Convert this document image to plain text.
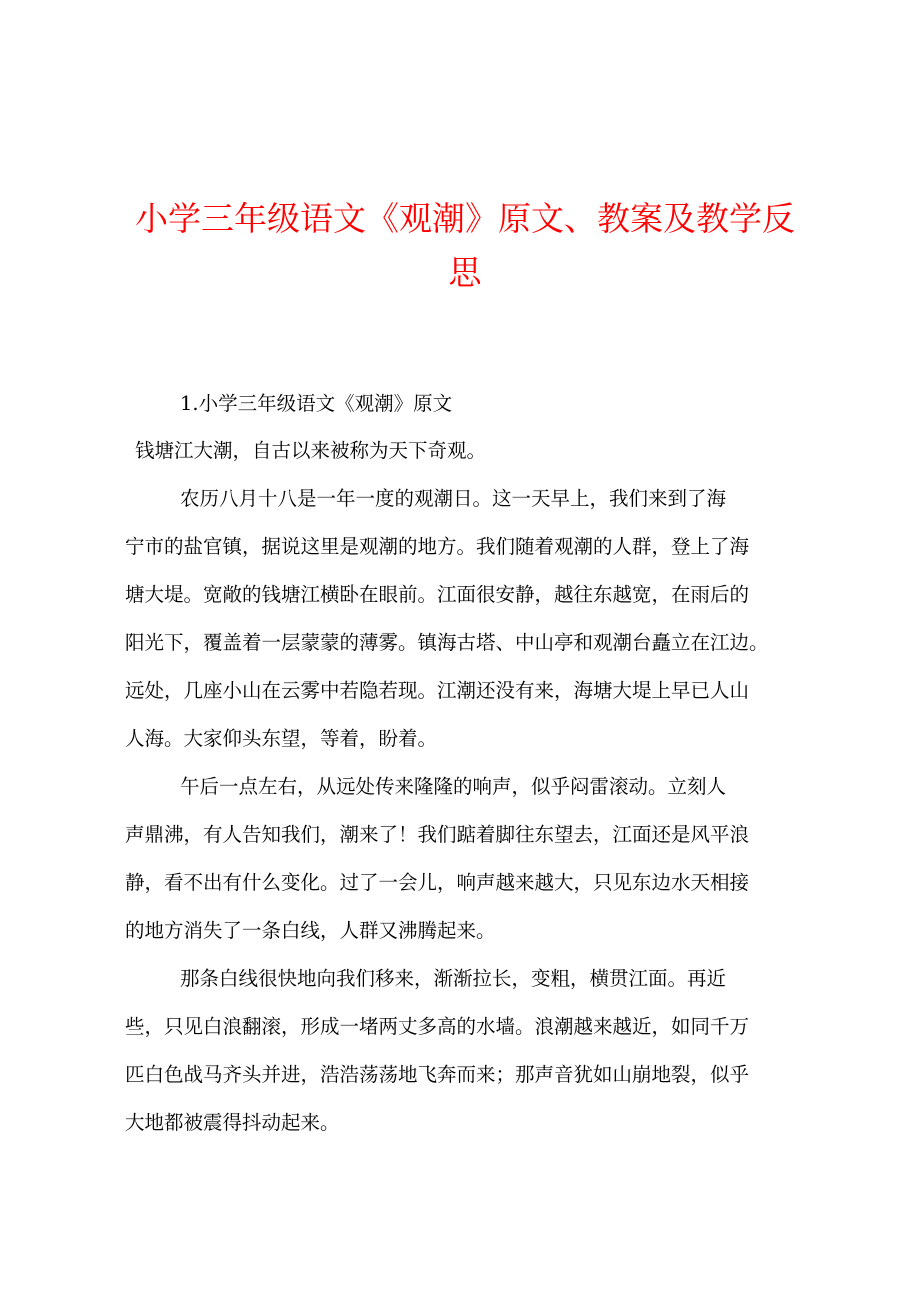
小学三年级语文《观潮》原文、教案及教学反
思
1.小学三年级语文《观潮》原文
钱塘江大潮，自古以来被称为天下奇观。
农历八月十八是一年一度的观潮日。这一天早上，我们来到了海
宁市的盐官镇，据说这里是观潮的地方。我们随着观潮的人群，登上了海
塘大堤。宽敞的钱塘江横卧在眼前。江面很安静，越往东越宽，在雨后的
阳光下，覆盖着一层蒙蒙的薄雾。镇海古塔、中山亭和观潮台矗立在江边。
远处，几座小山在云雾中若隐若现。江潮还没有来，海塘大堤上早已人山
人海。大家仰头东望，等着，盼着。
午后一点左右，从远处传来隆隆的响声，似乎闷雷滚动。立刻人
声鼎沸，有人告知我们，潮来了！我们踮着脚往东望去，江面还是风平浪
静，看不出有什么变化。过了一会儿，响声越来越大，只见东边水天相接
的地方消失了一条白线，人群又沸腾起来。
那条白线很快地向我们移来，渐渐拉长，变粗，横贯江面。再近
些，只见白浪翻滚，形成一堵两丈多高的水墙。浪潮越来越近，如同千万
匹白色战马齐头并进，浩浩荡荡地飞奔而来；那声音犹如山崩地裂，似乎
大地都被震得抖动起来。
